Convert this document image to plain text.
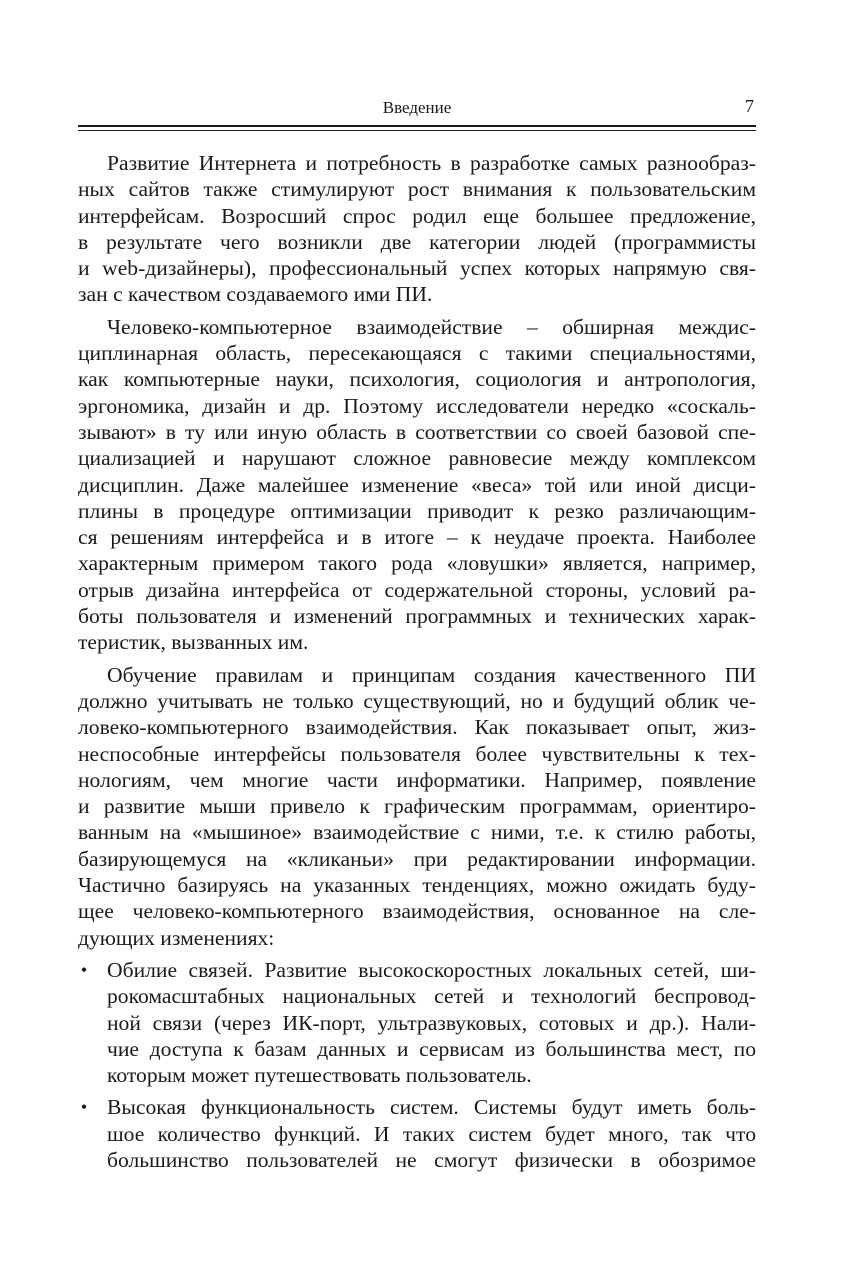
Введение	7
Развитие Интернета и потребность в разработке самых разнообраз-
ных сайтов также стимулируют рост внимания к пользовательским
интерфейсам. Возросший спрос родил еще большее предложение,
в результате чего возникли две категории людей (программисты
и web-дизайнеры), профессиональный успех которых напрямую свя-
зан с качеством создаваемого ими ПИ.
Человеко-компьютерное взаимодействие – обширная междис-
циплинарная область, пересекающаяся с такими специальностями,
как компьютерные науки, психология, социология и антропология,
эргономика, дизайн и др. Поэтому исследователи нередко «соскаль-
зывают» в ту или иную область в соответствии со своей базовой спе-
циализацией и нарушают сложное равновесие между комплексом
дисциплин. Даже малейшее изменение «веса» той или иной дисци-
плины в процедуре оптимизации приводит к резко различающим-
ся решениям интерфейса и в итоге – к неудаче проекта. Наиболее
характерным примером такого рода «ловушки» является, например,
отрыв дизайна интерфейса от содержательной стороны, условий ра-
боты пользователя и изменений программных и технических харак-
теристик, вызванных им.
Обучение правилам и принципам создания качественного ПИ
должно учитывать не только существующий, но и будущий облик че-
ловеко-компьютерного взаимодействия. Как показывает опыт, жиз-
неспособные интерфейсы пользователя более чувствительны к тех-
нологиям, чем многие части информатики. Например, появление
и развитие мыши привело к графическим программам, ориентиро-
ванным на «мышиное» взаимодействие с ними, т.е. к стилю работы,
базирующемуся на «кликаньи» при редактировании информации.
Частично базируясь на указанных тенденциях, можно ожидать буду-
щее человеко-компьютерного взаимодействия, основанное на сле-
дующих изменениях:
• Обилие связей. Развитие высокоскоростных локальных сетей, ши-
рокомасштабных национальных сетей и технологий беспровод-
ной связи (через ИК-порт, ультразвуковых, сотовых и др.). Нали-
чие доступа к базам данных и сервисам из большинства мест, по
которым может путешествовать пользователь.
• Высокая функциональность систем. Системы будут иметь боль-
шое количество функций. И таких систем будет много, так что
большинство пользователей не смогут физически в обозримое
